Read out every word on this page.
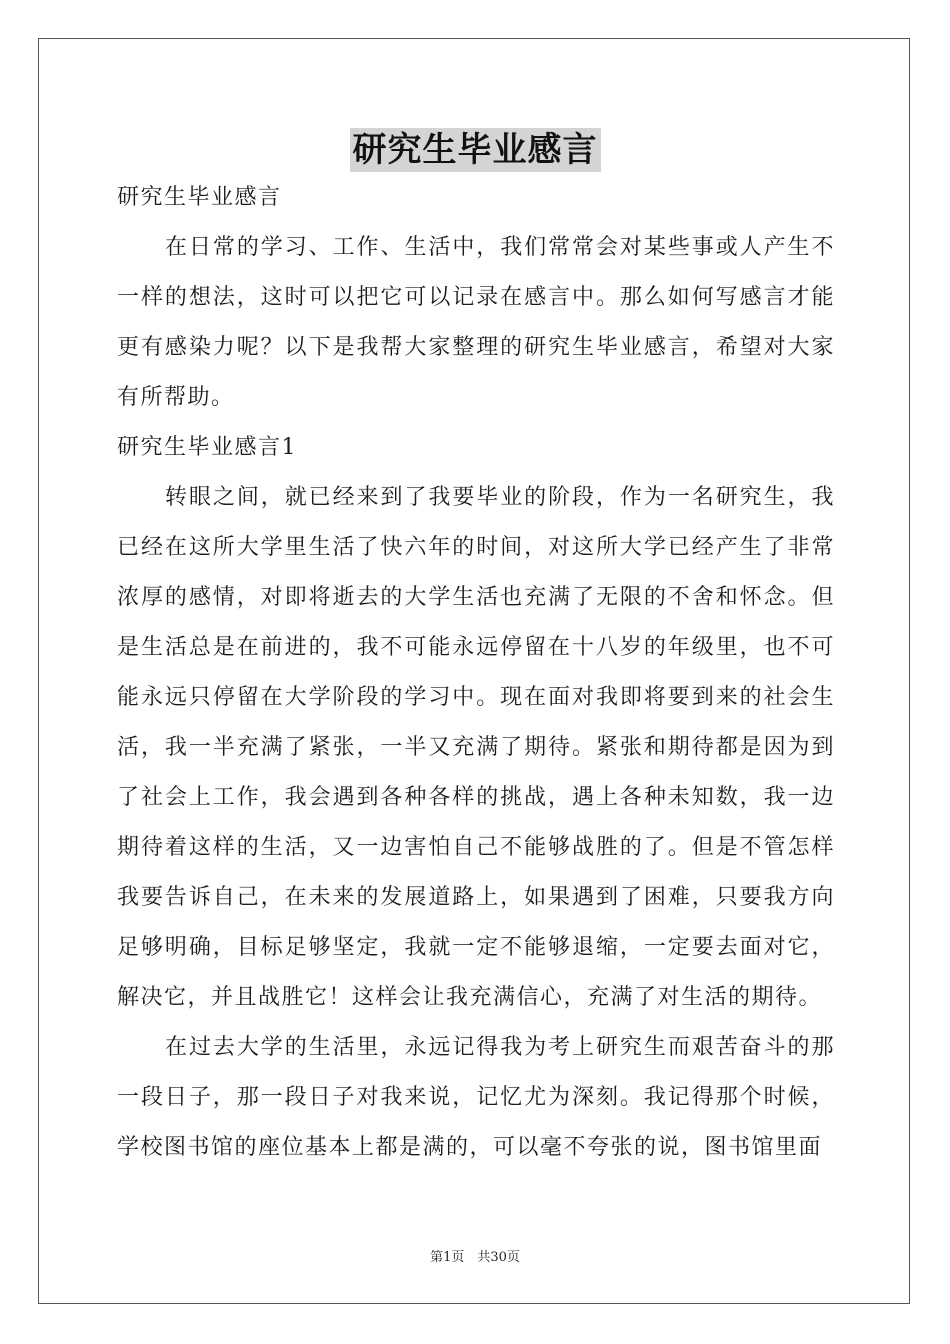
研究生毕业感言

研究生毕业感言

在日常的学习、工作、生活中，我们常常会对某些事或人产生不一样的想法，这时可以把它可以记录在感言中。那么如何写感言才能更有感染力呢？以下是我帮大家整理的研究生毕业感言，希望对大家有所帮助。

研究生毕业感言1

转眼之间，就已经来到了我要毕业的阶段，作为一名研究生，我已经在这所大学里生活了快六年的时间，对这所大学已经产生了非常浓厚的感情，对即将逝去的大学生活也充满了无限的不舍和怀念。但是生活总是在前进的，我不可能永远停留在十八岁的年级里，也不可能永远只停留在大学阶段的学习中。现在面对我即将要到来的社会生活，我一半充满了紧张，一半又充满了期待。紧张和期待都是因为到了社会上工作，我会遇到各种各样的挑战，遇上各种未知数，我一边期待着这样的生活，又一边害怕自己不能够战胜的了。但是不管怎样我要告诉自己，在未来的发展道路上，如果遇到了困难，只要我方向足够明确，目标足够坚定，我就一定不能够退缩，一定要去面对它，解决它，并且战胜它！这样会让我充满信心，充满了对生活的期待。

在过去大学的生活里，永远记得我为考上研究生而艰苦奋斗的那一段日子，那一段日子对我来说，记忆尤为深刻。我记得那个时候，学校图书馆的座位基本上都是满的，可以毫不夸张的说，图书馆里面

第1页　共30页
